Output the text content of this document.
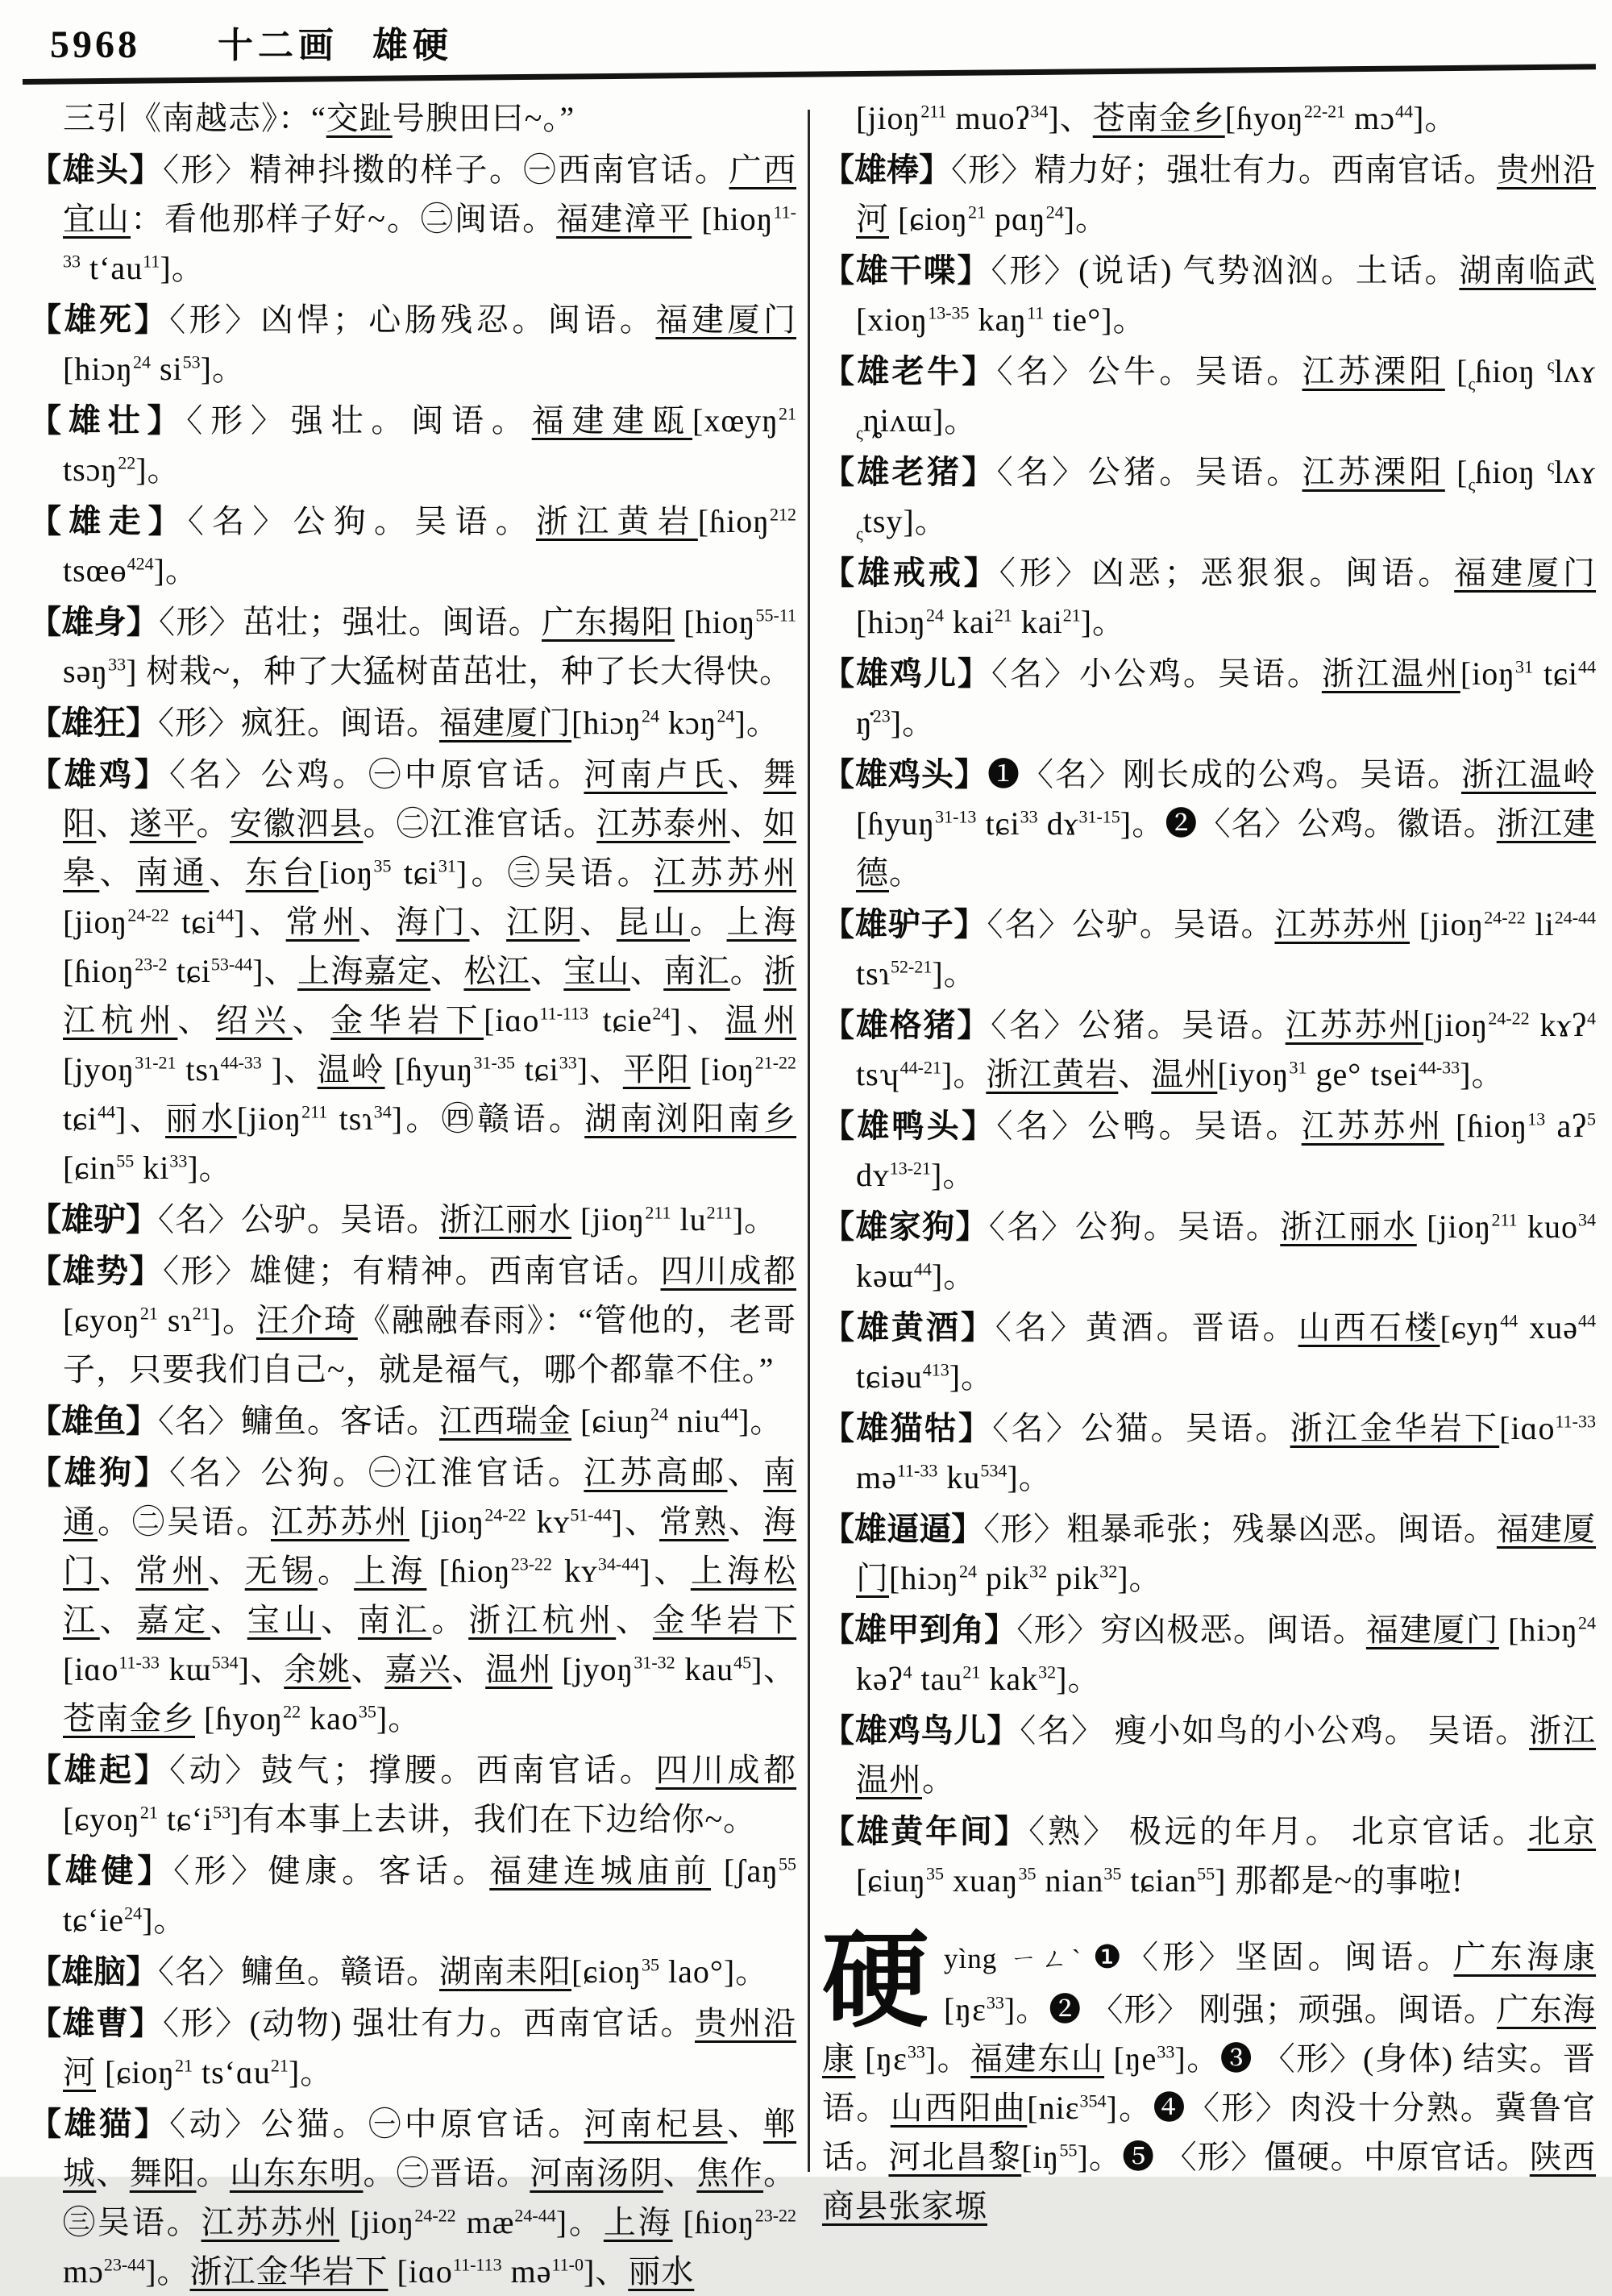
5968 十二画 雄硬

三引《南越志》：“交趾号腴田曰~。”

【雄头】〈形〉精神抖擞的样子。㊀西南官话。广西宜山：看他那样子好~。㊁闽语。福建漳平 [hioŋ$^{11-33}$ tʻau$^{11}$]。

【雄死】〈形〉凶悍；心肠残忍。闽语。福建厦门 [hiɔŋ$^{24}$ $si^{53}$]。

【雄壮】〈形〉强壮。闽语。福建建瓯[xœyŋ$^{21}$ tsɔŋ$^{22}$]。

【雄走】〈名〉公狗。吴语。浙江黄岩[ɦioŋ$^{212}$ tsœɵ$^{424}$]。

【雄身】〈形〉茁壮；强壮。闽语。广东揭阳 [hioŋ$^{55-11}$ səŋ$^{33}$] 树栽~，种了大猛树苗茁壮，种了长大得快。

【雄狂】〈形〉疯狂。闽语。福建厦门[hiɔŋ$^{24}$ kɔŋ$^{24}$]。

【雄鸡】〈名〉公鸡。㊀中原官话。河南卢氏、舞阳、遂平。安徽泗县。㊁江淮官话。江苏泰州、如皋、南通、东台[ioŋ$^{35}$ tɕi$^{31}$]。㊂吴语。江苏苏州 [jioŋ$^{24-22}$ tɕi$^{44}$]、常州、海门、江阴、昆山。上海 [ɦioŋ$^{23-2}$ tɕi$^{53-44}$]、上海嘉定、松江、宝山、南汇。浙江杭州、绍兴、金华岩下[iɑo$^{11-113}$ tɕie$^{24}$]、温州[jyoŋ$^{31-21}$ tsɿ$^{44-33}$ ]、温岭 [ɦyuŋ$^{31-35}$ tɕi$^{33}$]、平阳 [ioŋ$^{21-22}$ tɕi$^{44}$]、丽水[jioŋ$^{211}$ tsɿ$^{34}$]。㊃赣语。湖南浏阳南乡 [ɕin$^{55}$ $ki^{33}$]。

【雄驴】〈名〉公驴。吴语。浙江丽水 [jioŋ$^{211}$ $lu^{211}$]。

【雄势】〈形〉雄健；有精神。西南官话。四川成都 [ɕyoŋ$^{21}$ sɿ$^{21}$]。汪介琦《融融春雨》：“管他的，老哥子，只要我们自己~，就是福气，哪个都靠不住。”

【雄鱼】〈名〉鳙鱼。客话。江西瑞金 [ɕiuŋ$^{24}$ niu$^{44}$]。

【雄狗】〈名〉公狗。㊀江淮官话。江苏高邮、南通。㊁吴语。江苏苏州 [jioŋ$^{24-22}$ kʏ$^{51-44}$]、常熟、海门、常州、无锡。上海 [ɦioŋ$^{23-22}$ kʏ$^{34-44}$]、上海松江、嘉定、宝山、南汇。浙江杭州、金华岩下 [iɑo$^{11-33}$ kɯ$^{534}$]、余姚、嘉兴、温州 [jyoŋ$^{31-32}$ kau$^{45}$]、苍南金乡 [ɦyoŋ$^{22}$ kao$^{35}$]。

【雄起】〈动〉鼓气；撑腰。西南官话。四川成都 [ɕyoŋ$^{21}$ tɕʻi$^{53}$]有本事上去讲，我们在下边给你~。

【雄健】〈形〉健康。客话。福建连城庙前 [ʃaŋ$^{55}$ tɕʻie$^{24}$]。

【雄脑】〈名〉鳙鱼。赣语。湖南耒阳[ɕioŋ$^{35}$ lao°]。

【雄曹】〈形〉(动物) 强壮有力。西南官话。贵州沿河 [ɕioŋ$^{21}$ tsʻɑu$^{21}$]。

【雄猫】〈动〉公猫。㊀中原官话。河南杞县、郸城、舞阳。山东东明。㊁晋语。河南汤阴、焦作。㊂吴语。江苏苏州 [jioŋ$^{24-22}$ $mæ^{24-44}$]。上海 [ɦioŋ$^{23-22}$ mɔ$^{23-44}$]。浙江金华岩下 [iɑo$^{11-113}$ mə$^{11-0}$]、丽水

[jioŋ$^{211}$ muoʔ$^{34}$]、苍南金乡[ɦyoŋ$^{22-21}$ mɔ$^{44}$]。

【雄棒】〈形〉精力好；强壮有力。西南官话。贵州沿河 [ɕioŋ$^{21}$ pɑŋ$^{24}$]。

【雄干喋】〈形〉(说话) 气势汹汹。土话。湖南临武 [xioŋ$^{13-35}$ kaŋ$^{11}$ tie°]。

【雄老牛】〈名〉公牛。吴语。江苏溧阳 [$_\varsigma ɦioŋ$ $^\varsigma$lʌɤ $_\varsigma$ȵiʌɯ]。

【雄老猪】〈名〉公猪。吴语。江苏溧阳 [$_\varsigma ɦioŋ$ $^\varsigma$lʌɤ $_\varsigma$tsy]。

【雄戒戒】〈形〉凶恶；恶狠狠。闽语。福建厦门[hiɔŋ$^{24}$ kai$^{21}$ kai$^{21}$]。

【雄鸡儿】〈名〉小公鸡。吴语。浙江温州[ioŋ$^{31}$ tɕi$^{44}$ ŋ̇$^{23}$]。

【雄鸡头】❶〈名〉刚长成的公鸡。吴语。浙江温岭 [ɦyuŋ$^{31-13}$ tɕi$^{33}$ dɤ$^{31-15}$]。❷〈名〉公鸡。徽语。浙江建德。

【雄驴子】〈名〉公驴。吴语。江苏苏州 [jioŋ$^{24-22}$ $li^{24-44}$ tsɿ$^{52-21}$]。

【雄格猪】〈名〉公猪。吴语。江苏苏州[jioŋ$^{24-22}$ kɤʔ$^4$ tsʮ$^{44-21}$]。浙江黄岩、温州[iyoŋ$^{31}$ ge° tsei$^{44-33}$]。

【雄鸭头】〈名〉公鸭。吴语。江苏苏州 [ɦioŋ$^{13}$ aʔ$^5$ dʏ$^{13-21}$]。

【雄家狗】〈名〉公狗。吴语。浙江丽水 [jioŋ$^{211}$ kuo$^{34}$ kəɯ$^{44}$]。

【雄黄酒】〈名〉黄酒。晋语。山西石楼[ɕyŋ$^{44}$ xuə$^{44}$ tɕiəu$^{413}$]。

【雄猫牯】〈名〉公猫。吴语。浙江金华岩下[iɑo$^{11-33}$ mə$^{11-33}$ $ku^{534}$]。

【雄逼逼】〈形〉粗暴乖张；残暴凶恶。闽语。福建厦门[hiɔŋ$^{24}$ pik$^{32}$ pik$^{32}$]。

【雄甲到角】〈形〉穷凶极恶。闽语。福建厦门 [hiɔŋ$^{24}$ kəʔ$^4$ tau$^{21}$ kak$^{32}$]。

【雄鸡鸟儿】〈名〉 瘦小如鸟的小公鸡。 吴语。浙江温州。

【雄黄年间】〈熟〉 极远的年月。 北京官话。北京 [ɕiuŋ$^{35}$ xuaŋ$^{35}$ nian$^{35}$ tɕian$^{55}$] 那都是~的事啦!

硬yìng ㄧㄥˋ ❶〈形〉坚固。闽语。广东海康 [ŋɛ$^{33}$]。❷ 〈形〉 刚强；顽强。闽语。广东海康 [ŋɛ$^{33}$]。福建东山 $[ŋe^{33}]$。❸ 〈形〉(身体) 结实。晋语。山西阳曲[niɛ$^{354}$]。❹〈形〉肉没十分熟。冀鲁官话。河北昌黎$[iŋ^{55}]$。❺ 〈形〉僵硬。中原官话。陕西商县张家塬
